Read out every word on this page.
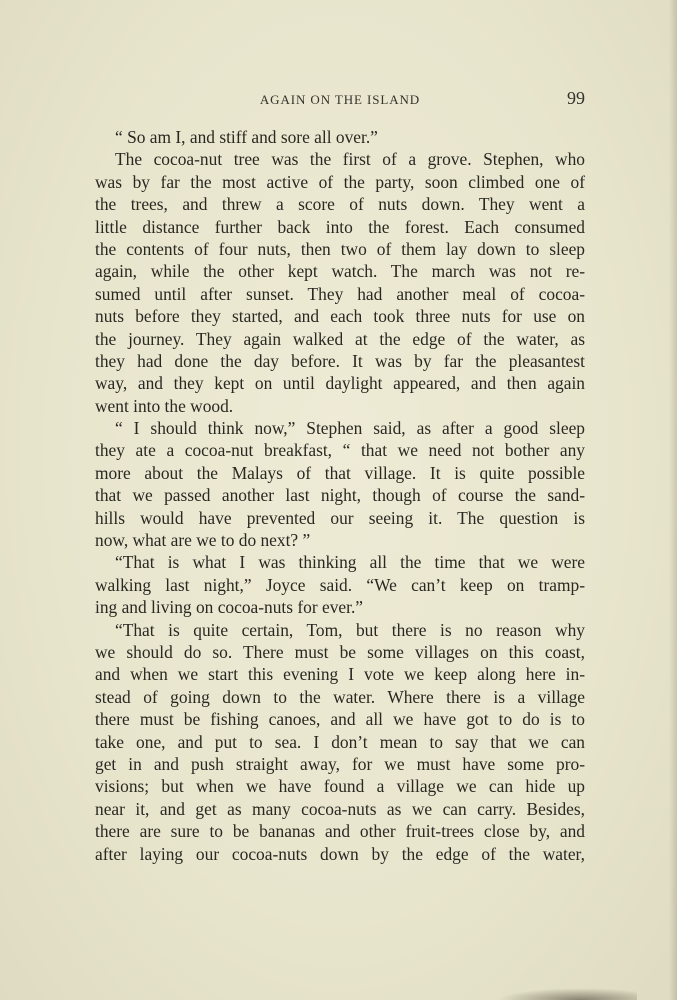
AGAIN ON THE ISLAND	99
“ So am I, and stiff and sore all over.”
The cocoa-nut tree was the first of a grove. Stephen, who
was by far the most active of the party, soon climbed one of
the trees, and threw a score of nuts down. They went a
little distance further back into the forest. Each consumed
the contents of four nuts, then two of them lay down to sleep
again, while the other kept watch. The march was not re-
sumed until after sunset. They had another meal of cocoa-
nuts before they started, and each took three nuts for use on
the journey. They again walked at the edge of the water, as
they had done the day before. It was by far the pleasantest
way, and they kept on until daylight appeared, and then again
went into the wood.
“ I should think now,” Stephen said, as after a good sleep
they ate a cocoa-nut breakfast, “ that we need not bother any
more about the Malays of that village. It is quite possible
that we passed another last night, though of course the sand-
hills would have prevented our seeing it. The question is
now, what are we to do next? ”
“That is what I was thinking all the time that we were
walking last night,” Joyce said. “We can’t keep on tramp-
ing and living on cocoa-nuts for ever.”
“That is quite certain, Tom, but there is no reason why
we should do so. There must be some villages on this coast,
and when we start this evening I vote we keep along here in-
stead of going down to the water. Where there is a village
there must be fishing canoes, and all we have got to do is to
take one, and put to sea. I don’t mean to say that we can
get in and push straight away, for we must have some pro-
visions; but when we have found a village we can hide up
near it, and get as many cocoa-nuts as we can carry. Besides,
there are sure to be bananas and other fruit-trees close by, and
after laying our cocoa-nuts down by the edge of the water,
